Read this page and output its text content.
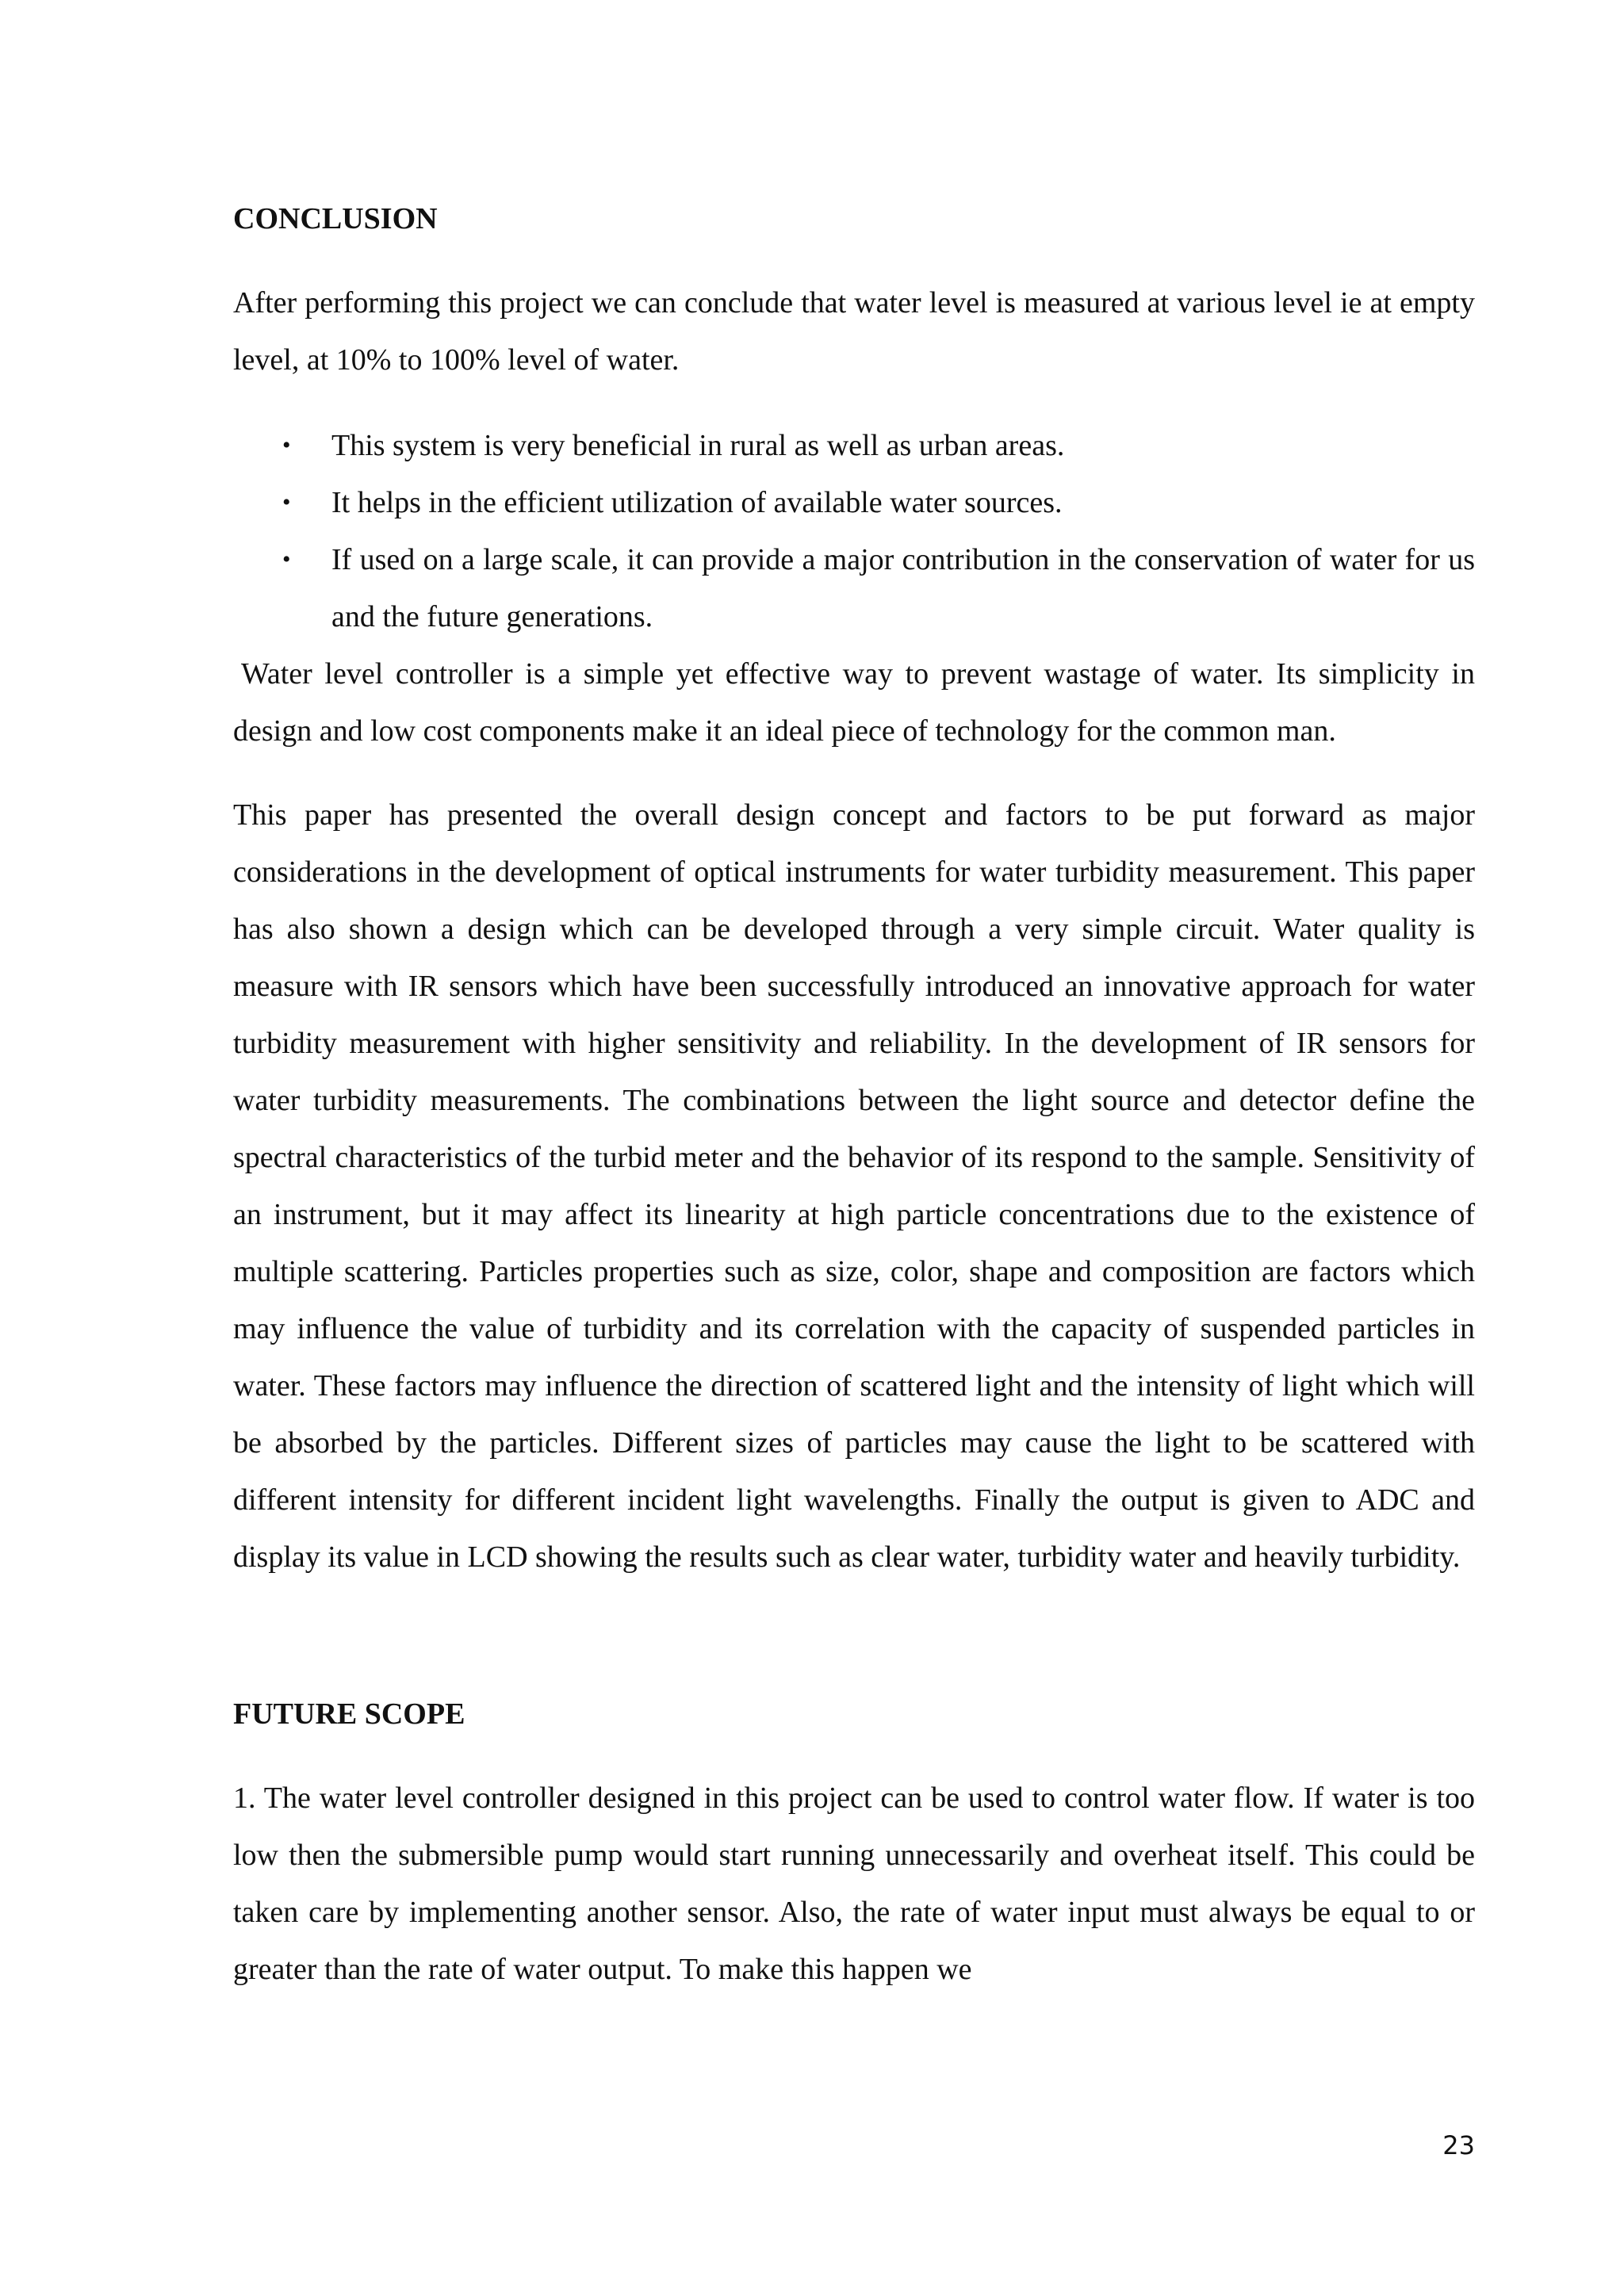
CONCLUSION

After performing this project we can conclude that water level is measured at various level ie at empty level, at 10% to 100% level of water.

• This system is very beneficial in rural as well as urban areas.
• It helps in the efficient utilization of available water sources.
• If used on a large scale, it can provide a major contribution in the conservation of water for us and the future generations.

Water level controller is a simple yet effective way to prevent wastage of water. Its simplicity in design and low cost components make it an ideal piece of technology for the common man.

This paper has presented the overall design concept and factors to be put forward as major considerations in the development of optical instruments for water turbidity measurement. This paper has also shown a design which can be developed through a very simple circuit. Water quality is measure with IR sensors which have been successfully introduced an innovative approach for water turbidity measurement with higher sensitivity and reliability. In the development of IR sensors for water turbidity measurements. The combinations between the light source and detector define the spectral characteristics of the turbid meter and the behavior of its respond to the sample. Sensitivity of an instrument, but it may affect its linearity at high particle concentrations due to the existence of multiple scattering. Particles properties such as size, color, shape and composition are factors which may influence the value of turbidity and its correlation with the capacity of suspended particles in water. These factors may influence the direction of scattered light and the intensity of light which will be absorbed by the particles. Different sizes of particles may cause the light to be scattered with different intensity for different incident light wavelengths. Finally the output is given to ADC and display its value in LCD showing the results such as clear water, turbidity water and heavily turbidity.

FUTURE SCOPE

1. The water level controller designed in this project can be used to control water flow. If water is too low then the submersible pump would start running unnecessarily and overheat itself. This could be taken care by implementing another sensor. Also, the rate of water input must always be equal to or greater than the rate of water output. To make this happen we

23
